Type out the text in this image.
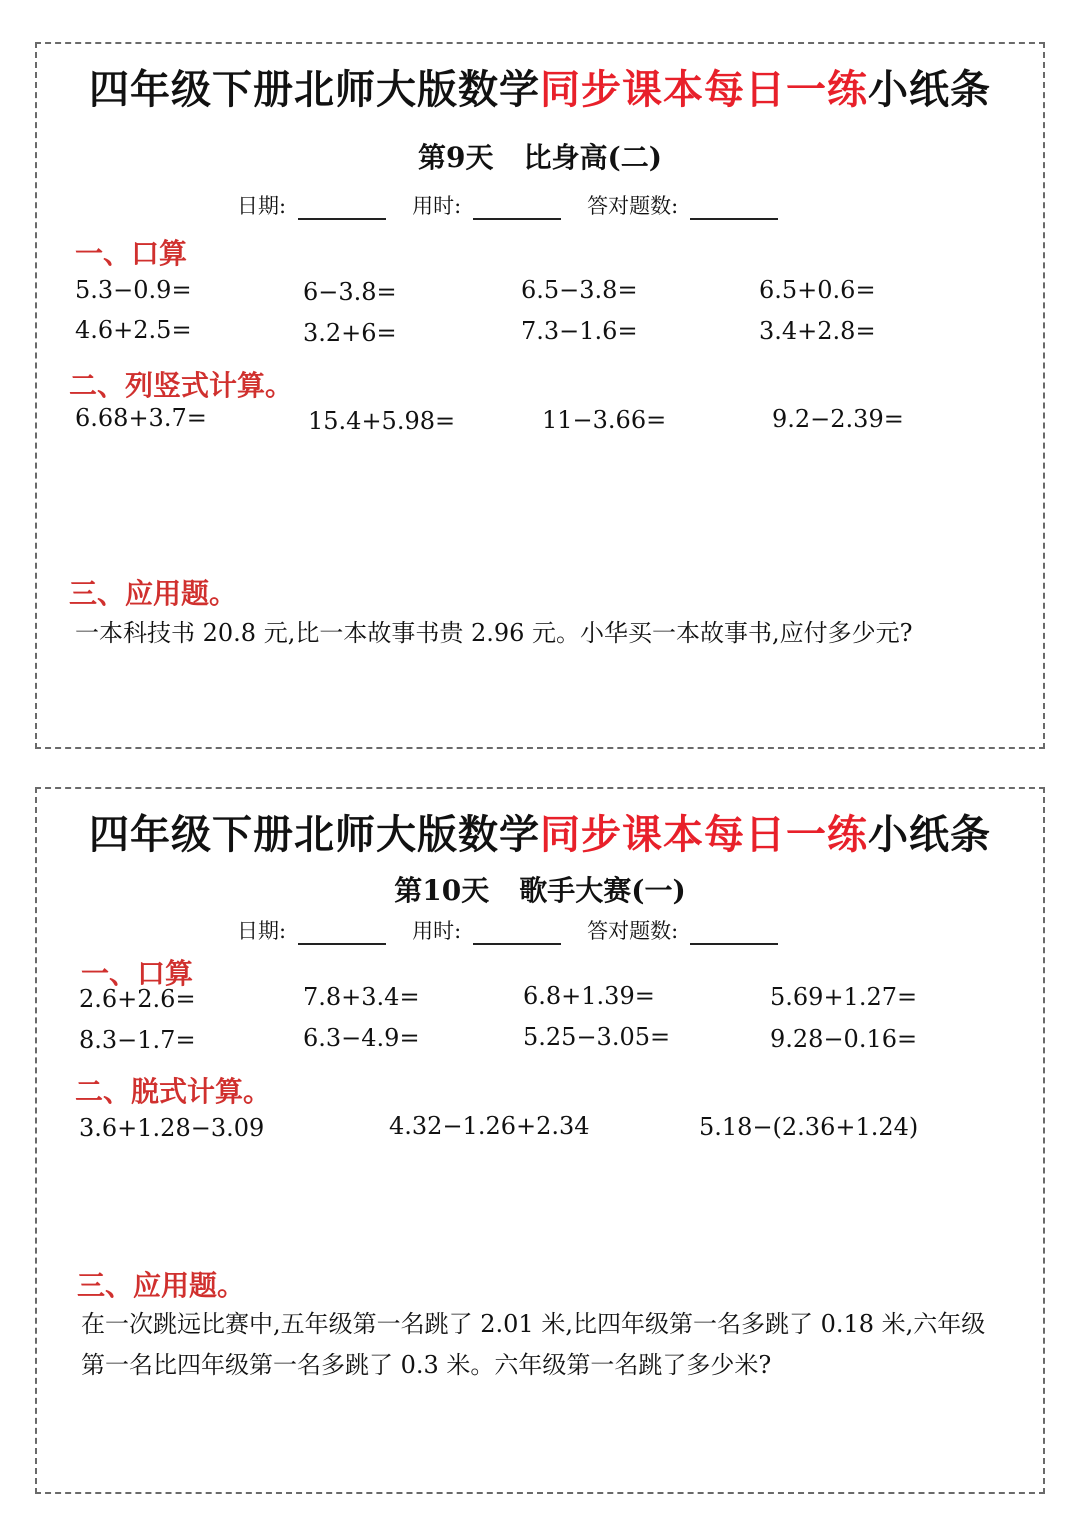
四年级下册北师大版数学同步课本每日一练小纸条
第9天 比身高(二)
日期:	用时:	答对题数:
一、口算
5.3−0.9=	6−3.8=	6.5−3.8=	6.5+0.6=
4.6+2.5=	3.2+6=	7.3−1.6=	3.4+2.8=
二、列竖式计算。
6.68+3.7=	15.4+5.98=	11−3.66=	9.2−2.39=
三、应用题。
一本科技书 20.8 元,比一本故事书贵 2.96 元。小华买一本故事书,应付多少元?
四年级下册北师大版数学同步课本每日一练小纸条
第10天 歌手大赛(一)
日期:	用时:	答对题数:
一、口算
2.6+2.6=	7.8+3.4=	6.8+1.39=	5.69+1.27=
8.3−1.7=	6.3−4.9=	5.25−3.05=	9.28−0.16=
二、脱式计算。
3.6+1.28−3.09	4.32−1.26+2.34	5.18−(2.36+1.24)
三、应用题。
在一次跳远比赛中,五年级第一名跳了 2.01 米,比四年级第一名多跳了 0.18 米,六年级第一名比四年级第一名多跳了 0.3 米。六年级第一名跳了多少米?
